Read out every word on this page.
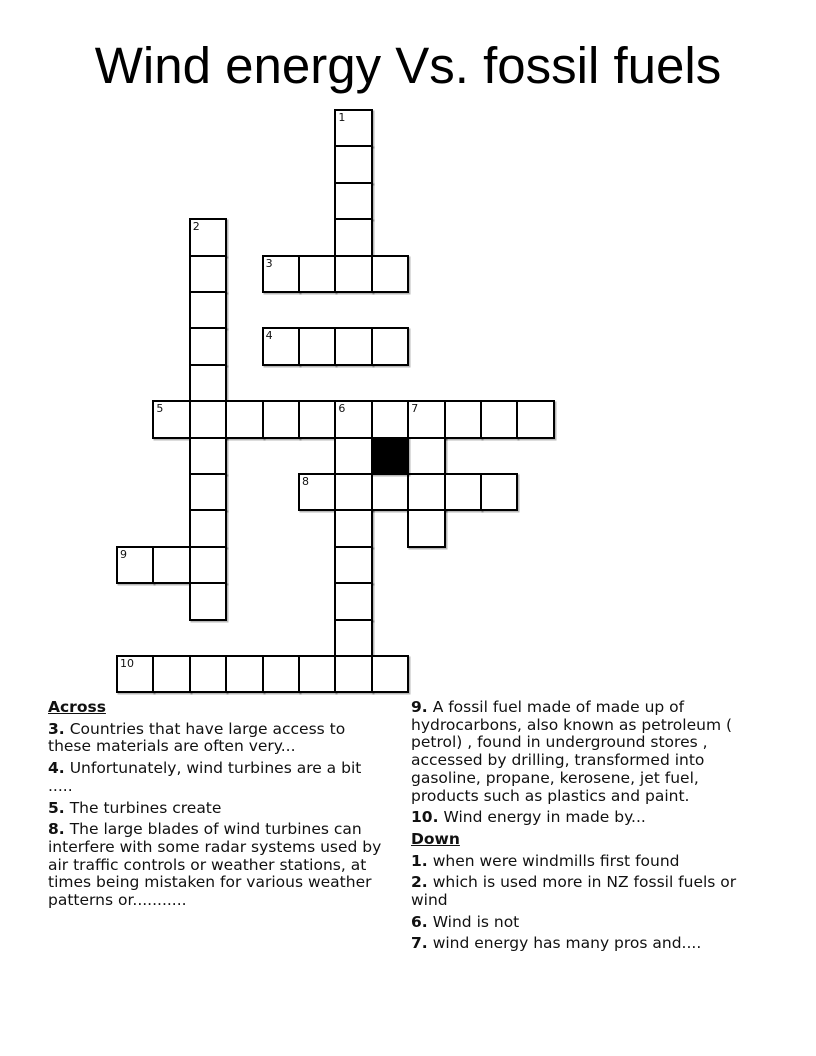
Wind energy Vs. fossil fuels
1
2
3
4
5	6	7
8
9
10
Across

3. Countries that have large access to these materials are often very...

4. Unfortunately, wind turbines are a bit .....

5. The turbines create

8. The large blades of wind turbines can interfere with some radar systems used by air traffic controls or weather stations, at times being mistaken for various weather patterns or...........

9. A fossil fuel made of made up of hydrocarbons, also known as petroleum ( petrol) , found in underground stores , accessed by drilling, transformed into gasoline, propane, kerosene, jet fuel, products such as plastics and paint.

10. Wind energy in made by...

Down

1. when were windmills first found

2. which is used more in NZ fossil fuels or wind

6. Wind is not

7. wind energy has many pros and....
